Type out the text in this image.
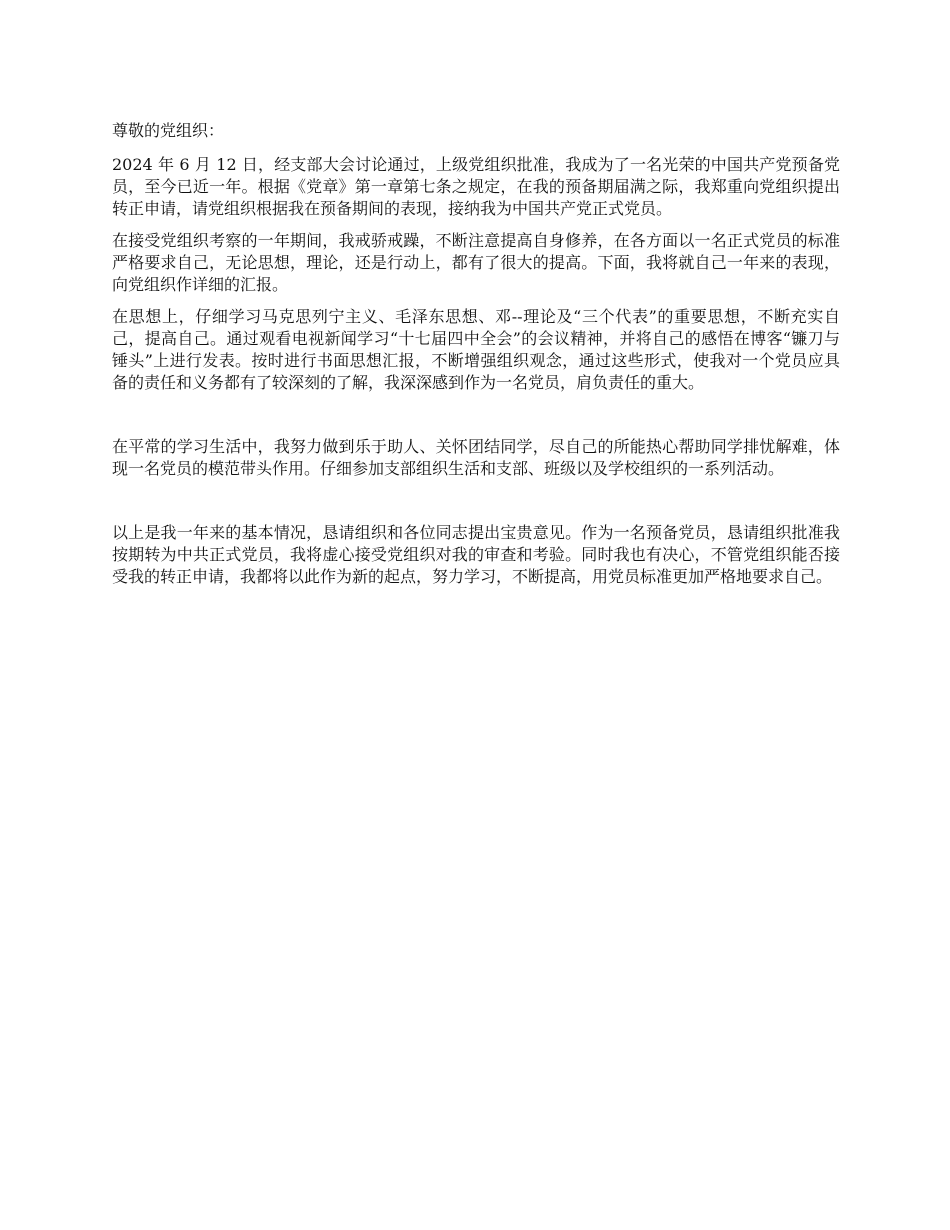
尊敬的党组织：

2024 年 6 月 12 日，经支部大会讨论通过，上级党组织批准，我成为了一名光荣的中国共产党预备党员，至今已近一年。根据《党章》第一章第七条之规定，在我的预备期届满之际，我郑重向党组织提出转正申请，请党组织根据我在预备期间的表现，接纳我为中国共产党正式党员。

在接受党组织考察的一年期间，我戒骄戒躁，不断注意提高自身修养，在各方面以一名正式党员的标准严格要求自己，无论思想，理论，还是行动上，都有了很大的提高。下面，我将就自己一年来的表现，向党组织作详细的汇报。

在思想上，仔细学习马克思列宁主义、毛泽东思想、邓--理论及“三个代表”的重要思想，不断充实自己，提高自己。通过观看电视新闻学习“十七届四中全会”的会议精神，并将自己的感悟在博客“镰刀与锤头”上进行发表。按时进行书面思想汇报，不断增强组织观念，通过这些形式，使我对一个党员应具备的责任和义务都有了较深刻的了解，我深深感到作为一名党员，肩负责任的重大。

在平常的学习生活中，我努力做到乐于助人、关怀团结同学，尽自己的所能热心帮助同学排忧解难，体现一名党员的模范带头作用。仔细参加支部组织生活和支部、班级以及学校组织的一系列活动。

以上是我一年来的基本情况，恳请组织和各位同志提出宝贵意见。作为一名预备党员，恳请组织批准我按期转为中共正式党员，我将虚心接受党组织对我的审查和考验。同时我也有决心，不管党组织能否接受我的转正申请，我都将以此作为新的起点，努力学习，不断提高，用党员标准更加严格地要求自己。
